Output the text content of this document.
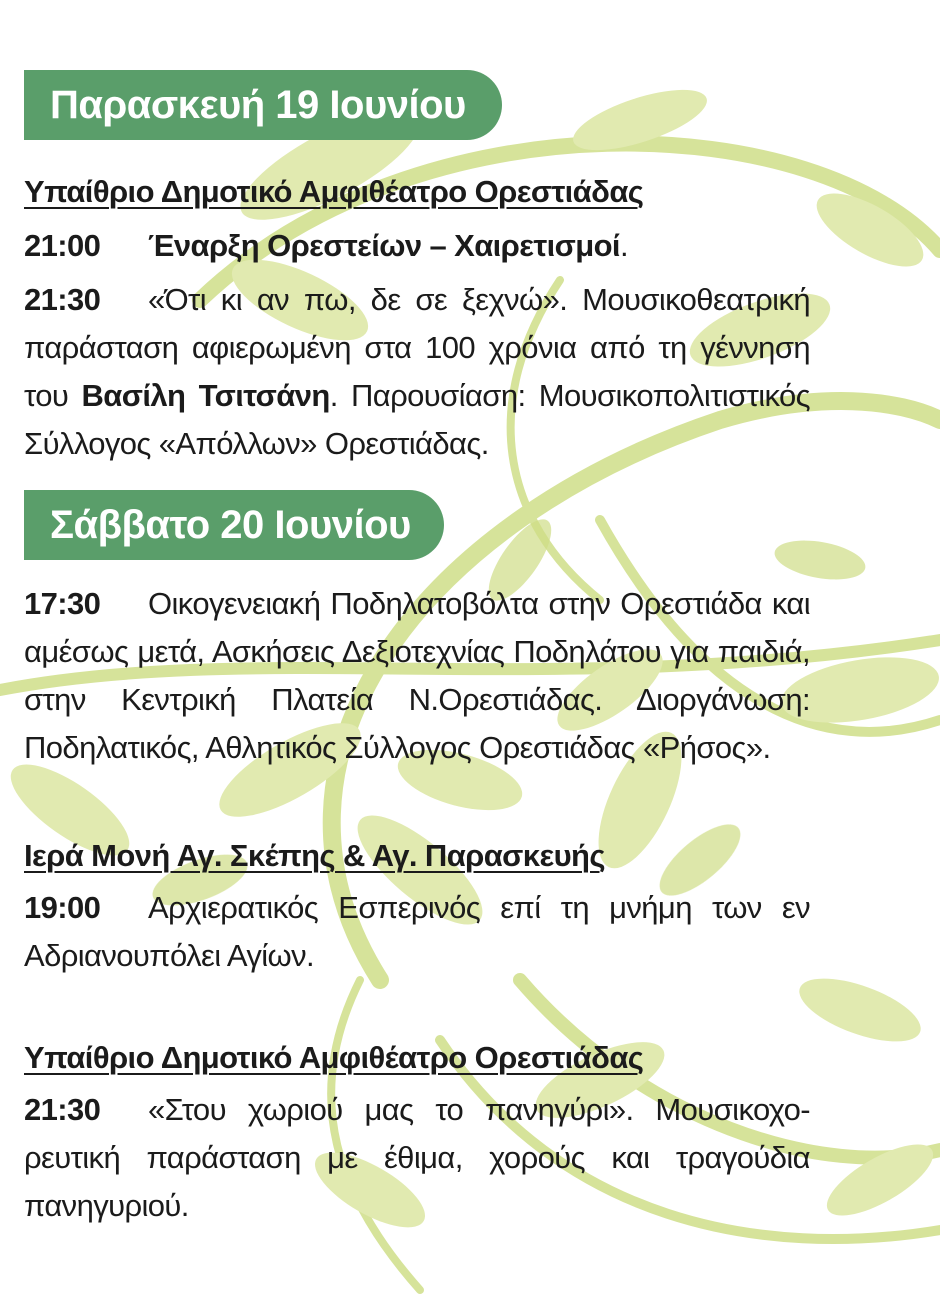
Παρασκευή 19 Ιουνίου
Υπαίθριο Δημοτικό Αμφιθέατρο Ορεστιάδας
21:00 Έναρξη Ορεστείων – Χαιρετισμοί.
21:30 «Ότι κι αν πω, δε σε ξεχνώ». Μουσικοθεατρική παράσταση αφιερωμένη στα 100 χρόνια από τη γέννηση του Βασίλη Τσιτσάνη. Παρουσίαση: Μουσικοπολιτιστικός Σύλλογος «Απόλλων» Ορεστιάδας.
Σάββατο 20 Ιουνίου
17:30 Οικογενειακή Ποδηλατοβόλτα στην Ορεστιάδα και αμέσως μετά, Ασκήσεις Δεξιοτεχνίας Ποδηλάτου για παιδιά, στην Κεντρική Πλατεία Ν.Ορεστιάδας. Διοργάνωση: Ποδηλατικός, Αθλητικός Σύλλογος Ορεστιάδας «Ρήσος».
Ιερά Μονή Αγ. Σκέπης & Αγ. Παρασκευής
19:00 Αρχιερατικός Εσπερινός επί τη μνήμη των εν Αδριανουπόλει Αγίων.
Υπαίθριο Δημοτικό Αμφιθέατρο Ορεστιάδας
21:30 «Στου χωριού μας το πανηγύρι». Μουσικοχο-ρευτική παράσταση με έθιμα, χορούς και τραγούδια πανηγυριού.
